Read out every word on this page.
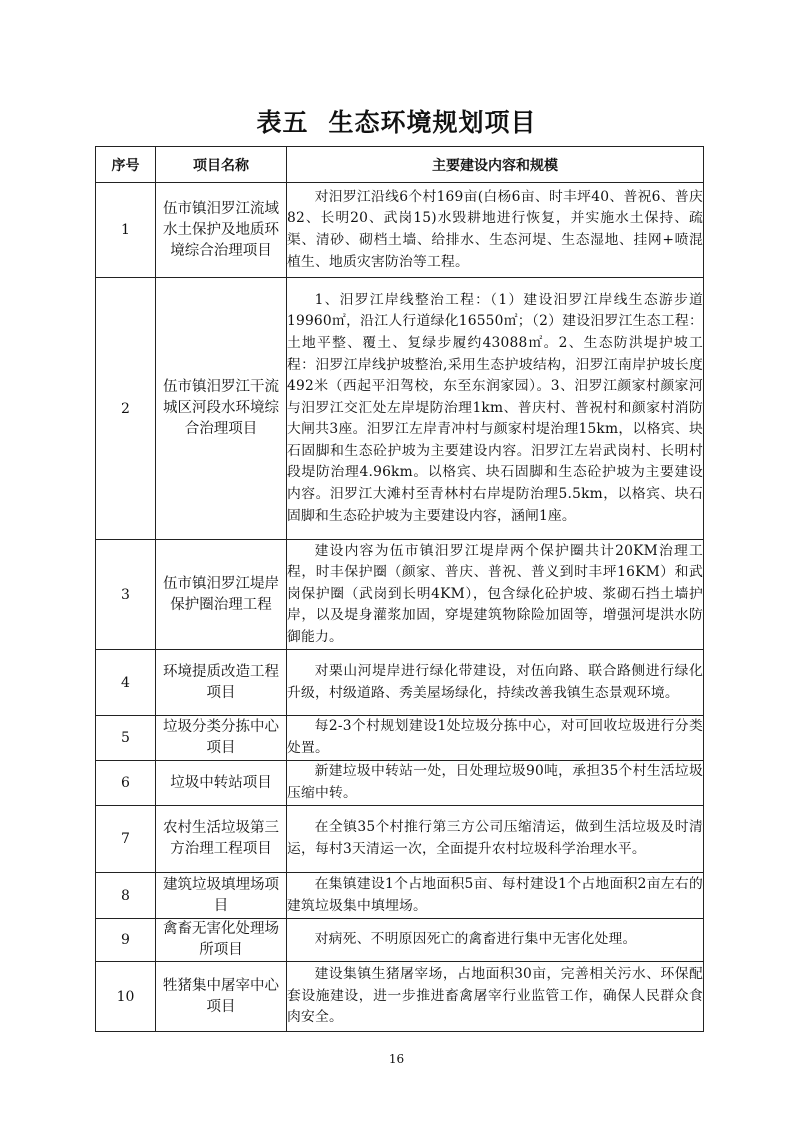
表五 生态环境规划项目
序号	项目名称	主要建设内容和规模
1	伍市镇汨罗江流域水土保护及地质环境综合治理项目	对汨罗江沿线6个村169亩(白杨6亩、时丰坪40、普祝6、普庆82、长明20、武岗15)水毁耕地进行恢复，并实施水土保持、疏渠、清砂、砌档土墙、给排水、生态河堤、生态湿地、挂网+喷混植生、地质灾害防治等工程。
2	伍市镇汨罗江干流城区河段水环境综合治理项目	1、汨罗江岸线整治工程：（1）建设汨罗江岸线生态游步道19960㎡，沿江人行道绿化16550㎡；（2）建设汨罗江生态工程：土地平整、覆土、复绿步履约43088㎡。2、生态防洪堤护坡工程：汨罗江岸线护坡整治,采用生态护坡结构，汨罗江南岸护坡长度492米（西起平汨驾校，东至东润家园）。3、汨罗江颜家村颜家河与汨罗江交汇处左岸堤防治理1km、普庆村、普祝村和颜家村消防大闸共3座。汨罗江左岸青冲村与颜家村堤治理15km，以格宾、块石固脚和生态砼护坡为主要建设内容。汨罗江左岩武岗村、长明村段堤防治理4.96km。以格宾、块石固脚和生态砼护坡为主要建设内容。汨罗江大滩村至青林村右岸堤防治理5.5km，以格宾、块石固脚和生态砼护坡为主要建设内容，涵闸1座。
3	伍市镇汨罗江堤岸保护圈治理工程	建设内容为伍市镇汨罗江堤岸两个保护圈共计20KM治理工程，时丰保护圈（颜家、普庆、普祝、普义到时丰坪16KM）和武岗保护圈（武岗到长明4KM），包含绿化砼护坡、浆砌石挡土墙护岸，以及堤身灌浆加固，穿堤建筑物除险加固等，增强河堤洪水防御能力。
4	环境提质改造工程项目	对栗山河堤岸进行绿化带建设，对伍向路、联合路侧进行绿化升级，村级道路、秀美屋场绿化，持续改善我镇生态景观环境。
5	垃圾分类分拣中心项目	每2-3个村规划建设1处垃圾分拣中心，对可回收垃圾进行分类处置。
6	垃圾中转站项目	新建垃圾中转站一处，日处理垃圾90吨，承担35个村生活垃圾压缩中转。
7	农村生活垃圾第三方治理工程项目	在全镇35个村推行第三方公司压缩清运，做到生活垃圾及时清运，每村3天清运一次，全面提升农村垃圾科学治理水平。
8	建筑垃圾填埋场项目	在集镇建设1个占地面积5亩、每村建设1个占地面积2亩左右的建筑垃圾集中填埋场。
9	禽畜无害化处理场所项目	对病死、不明原因死亡的禽畜进行集中无害化处理。
10	牲猪集中屠宰中心项目	建设集镇生猪屠宰场，占地面积30亩，完善相关污水、环保配套设施建设，进一步推进畜禽屠宰行业监管工作，确保人民群众食肉安全。
16
